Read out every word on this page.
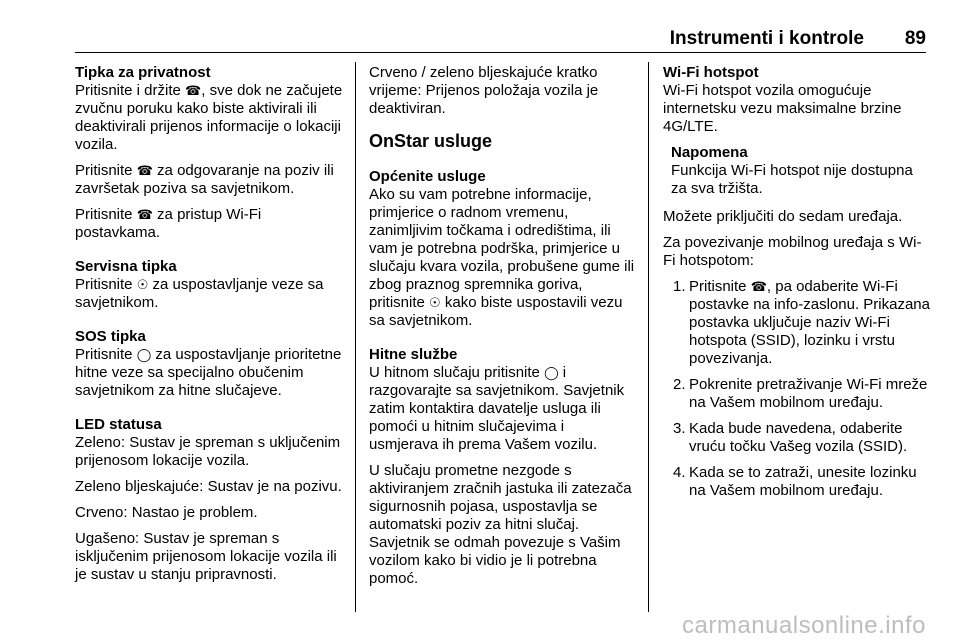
Instrumenti i kontrole 89

Tipka za privatnost

Pritisnite i držite ☎, sve dok ne začujete zvučnu poruku kako biste aktivirali ili deaktivirali prijenos informacije o lokaciji vozila.

Pritisnite ☎ za odgovaranje na poziv ili završetak poziva sa savjetnikom.

Pritisnite ☎ za pristup Wi-Fi postavkama.

Servisna tipka

Pritisnite ☉ za uspostavljanje veze sa savjetnikom.

SOS tipka

Pritisnite ◯ za uspostavljanje prioritetne hitne veze sa specijalno obučenim savjetnikom za hitne slučajeve.

LED statusa

Zeleno: Sustav je spreman s uključenim prijenosom lokacije vozila.

Zeleno bljeskajuće: Sustav je na pozivu.

Crveno: Nastao je problem.

Ugašeno: Sustav je spreman s isključenim prijenosom lokacije vozila ili je sustav u stanju pripravnosti.

Crveno / zeleno bljeskajuće kratko vrijeme: Prijenos položaja vozila je deaktiviran.

OnStar usluge

Općenite usluge

Ako su vam potrebne informacije, primjerice o radnom vremenu, zanimljivim točkama i odredištima, ili vam je potrebna podrška, primjerice u slučaju kvara vozila, probušene gume ili zbog praznog spremnika goriva, pritisnite ☉ kako biste uspostavili vezu sa savjetnikom.

Hitne službe

U hitnom slučaju pritisnite ◯ i razgovarajte sa savjetnikom. Savjetnik zatim kontaktira davatelje usluga ili pomoći u hitnim slučajevima i usmjerava ih prema Vašem vozilu.

U slučaju prometne nezgode s aktiviranjem zračnih jastuka ili zatezača sigurnosnih pojasa, uspostavlja se automatski poziv za hitni slučaj. Savjetnik se odmah povezuje s Vašim vozilom kako bi vidio je li potrebna pomoć.

Wi-Fi hotspot

Wi-Fi hotspot vozila omogućuje internetsku vezu maksimalne brzine 4G/LTE.

Napomena

Funkcija Wi-Fi hotspot nije dostupna za sva tržišta.

Možete priključiti do sedam uređaja.

Za povezivanje mobilnog uređaja s Wi-Fi hotspotom:

1. Pritisnite ☎, pa odaberite Wi-Fi postavke na info-zaslonu. Prikazana postavka uključuje naziv Wi-Fi hotspota (SSID), lozinku i vrstu povezivanja.
2. Pokrenite pretraživanje Wi-Fi mreže na Vašem mobilnom uređaju.
3. Kada bude navedena, odaberite vruću točku Vašeg vozila (SSID).
4. Kada se to zatraži, unesite lozinku na Vašem mobilnom uređaju.
carmanualsonline.info
